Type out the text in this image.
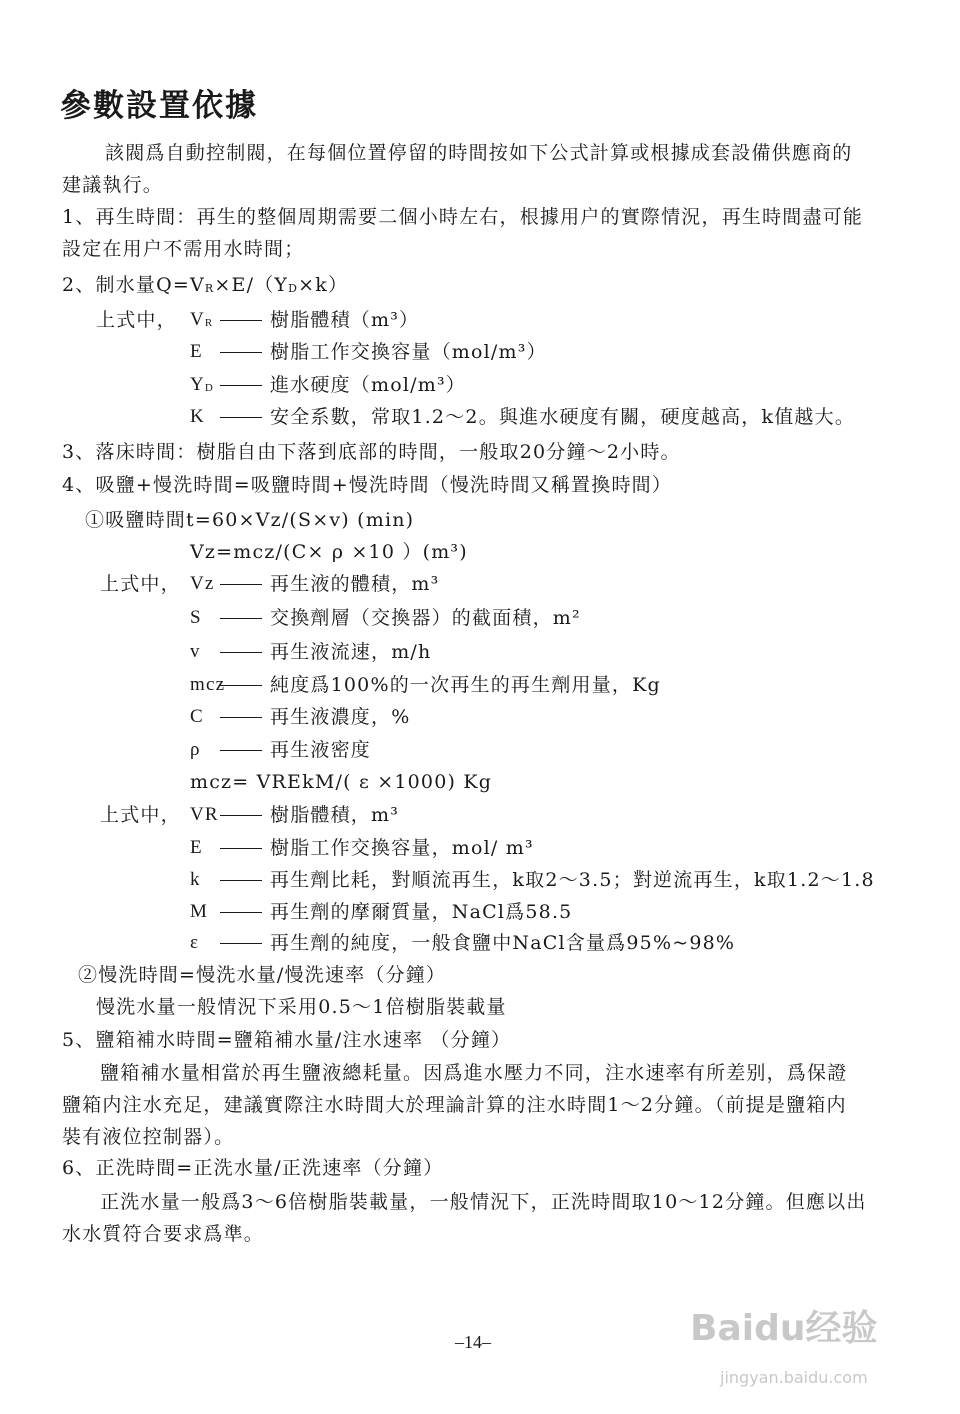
參數設置依據
該閥爲自動控制閥，在每個位置停留的時間按如下公式計算或根據成套設備供應商的
建議執行。
1、再生時間：再生的整個周期需要二個小時左右，根據用户的實際情況，再生時間盡可能
設定在用户不需用水時間；
2、制水量$Q=V_R\times E/(Y_D\times k)$
上式中， $V_R$	樹脂體積（m³）
E	樹脂工作交換容量（mol/m³）
$Y_D$	進水硬度（mol/m³）
K	安全系數，常取1.2～2。與進水硬度有關，硬度越高，k值越大。
3、落床時間：樹脂自由下落到底部的時間，一般取20分鐘～2小時。
4、吸鹽+慢洗時間=吸鹽時間+慢洗時間（慢洗時間又稱置換時間）
①吸鹽時間t=60×Vz/(S×v) (min)
Vz=mcz/(C× ρ ×10 ）(m³)
上式中， Vz	再生液的體積，m³
S	交換劑層（交換器）的截面積，m²
v	再生液流速，m/h
mcz 純度爲100%的一次再生的再生劑用量，Kg
C	再生液濃度，%
ρ	再生液密度
mcz= VREkM/( ε ×1000) Kg
上式中， VR	樹脂體積，m³
E	樹脂工作交換容量，mol/ m³
k	再生劑比耗，對順流再生，k取2～3.5；對逆流再生，k取1.2～1.8
M	再生劑的摩爾質量，NaCl爲58.5
ε	再生劑的純度，一般食鹽中NaCl含量爲95%~98%
②慢洗時間=慢洗水量/慢洗速率（分鐘）
慢洗水量一般情況下采用0.5～1倍樹脂裝載量
5、鹽箱補水時間=鹽箱補水量/注水速率 （分鐘）
鹽箱補水量相當於再生鹽液總耗量。因爲進水壓力不同，注水速率有所差别，爲保證
鹽箱内注水充足，建議實際注水時間大於理論計算的注水時間1～2分鐘。（前提是鹽箱内
裝有液位控制器）。
6、正洗時間=正洗水量/正洗速率（分鐘）
正洗水量一般爲3～6倍樹脂裝載量，一般情況下，正洗時間取10～12分鐘。但應以出
水水質符合要求爲準。
–14–	Baidu经验
jingyan.baidu.com
